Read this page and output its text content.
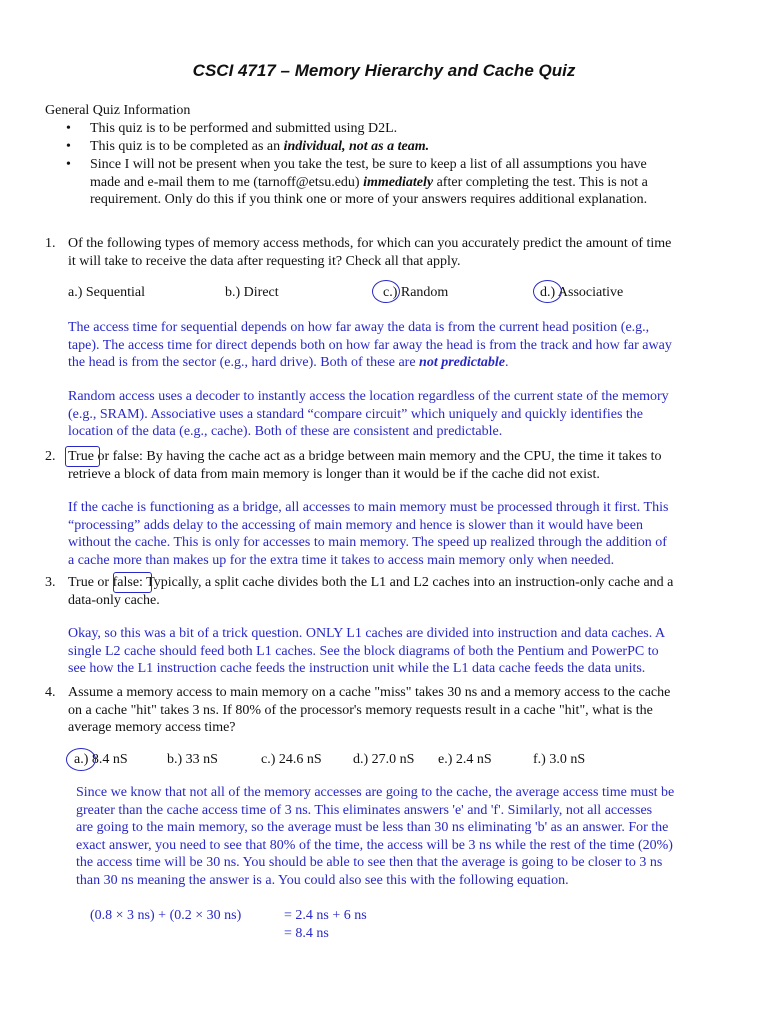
CSCI 4717 – Memory Hierarchy and Cache Quiz
General Quiz Information
• This quiz is to be performed and submitted using D2L.
• This quiz is to be completed as an individual, not as a team.
• Since I will not be present when you take the test, be sure to keep a list of all assumptions you have
made and e-mail them to me (tarnoff@etsu.edu) immediately after completing the test. This is not a
requirement. Only do this if you think one or more of your answers requires additional explanation.
1. Of the following types of memory access methods, for which can you accurately predict the amount of time
it will take to receive the data after requesting it? Check all that apply.
a.) Sequential	b.) Direct	c.) Random	d.) Associative
The access time for sequential depends on how far away the data is from the current head position (e.g.,
tape). The access time for direct depends both on how far away the head is from the track and how far away
the head is from the sector (e.g., hard drive). Both of these are not predictable.
Random access uses a decoder to instantly access the location regardless of the current state of the memory
(e.g., SRAM). Associative uses a standard “compare circuit” which uniquely and quickly identifies the
location of the data (e.g., cache). Both of these are consistent and predictable.
2. True or false: By having the cache act as a bridge between main memory and the CPU, the time it takes to
retrieve a block of data from main memory is longer than it would be if the cache did not exist.
If the cache is functioning as a bridge, all accesses to main memory must be processed through it first. This
“processing” adds delay to the accessing of main memory and hence is slower than it would have been
without the cache. This is only for accesses to main memory. The speed up realized through the addition of
a cache more than makes up for the extra time it takes to access main memory only when needed.
3. True or false: Typically, a split cache divides both the L1 and L2 caches into an instruction-only cache and a
data-only cache.
Okay, so this was a bit of a trick question. ONLY L1 caches are divided into instruction and data caches. A
single L2 cache should feed both L1 caches. See the block diagrams of both the Pentium and PowerPC to
see how the L1 instruction cache feeds the instruction unit while the L1 data cache feeds the data units.
4. Assume a memory access to main memory on a cache "miss" takes 30 ns and a memory access to the cache
on a cache "hit" takes 3 ns. If 80% of the processor's memory requests result in a cache "hit", what is the
average memory access time?
a.) 8.4 nS	b.) 33 nS	c.) 24.6 nS d.) 27.0 nS e.) 2.4 nS	f.) 3.0 nS
Since we know that not all of the memory accesses are going to the cache, the average access time must be
greater than the cache access time of 3 ns. This eliminates answers 'e' and 'f'. Similarly, not all accesses
are going to the main memory, so the average must be less than 30 ns eliminating 'b' as an answer. For the
exact answer, you need to see that 80% of the time, the access will be 3 ns while the rest of the time (20%)
the access time will be 30 ns. You should be able to see then that the average is going to be closer to 3 ns
than 30 ns meaning the answer is a. You could also see this with the following equation.
(0.8 × 3 ns) + (0.2 × 30 ns)	= 2.4 ns + 6 ns
= 8.4 ns
